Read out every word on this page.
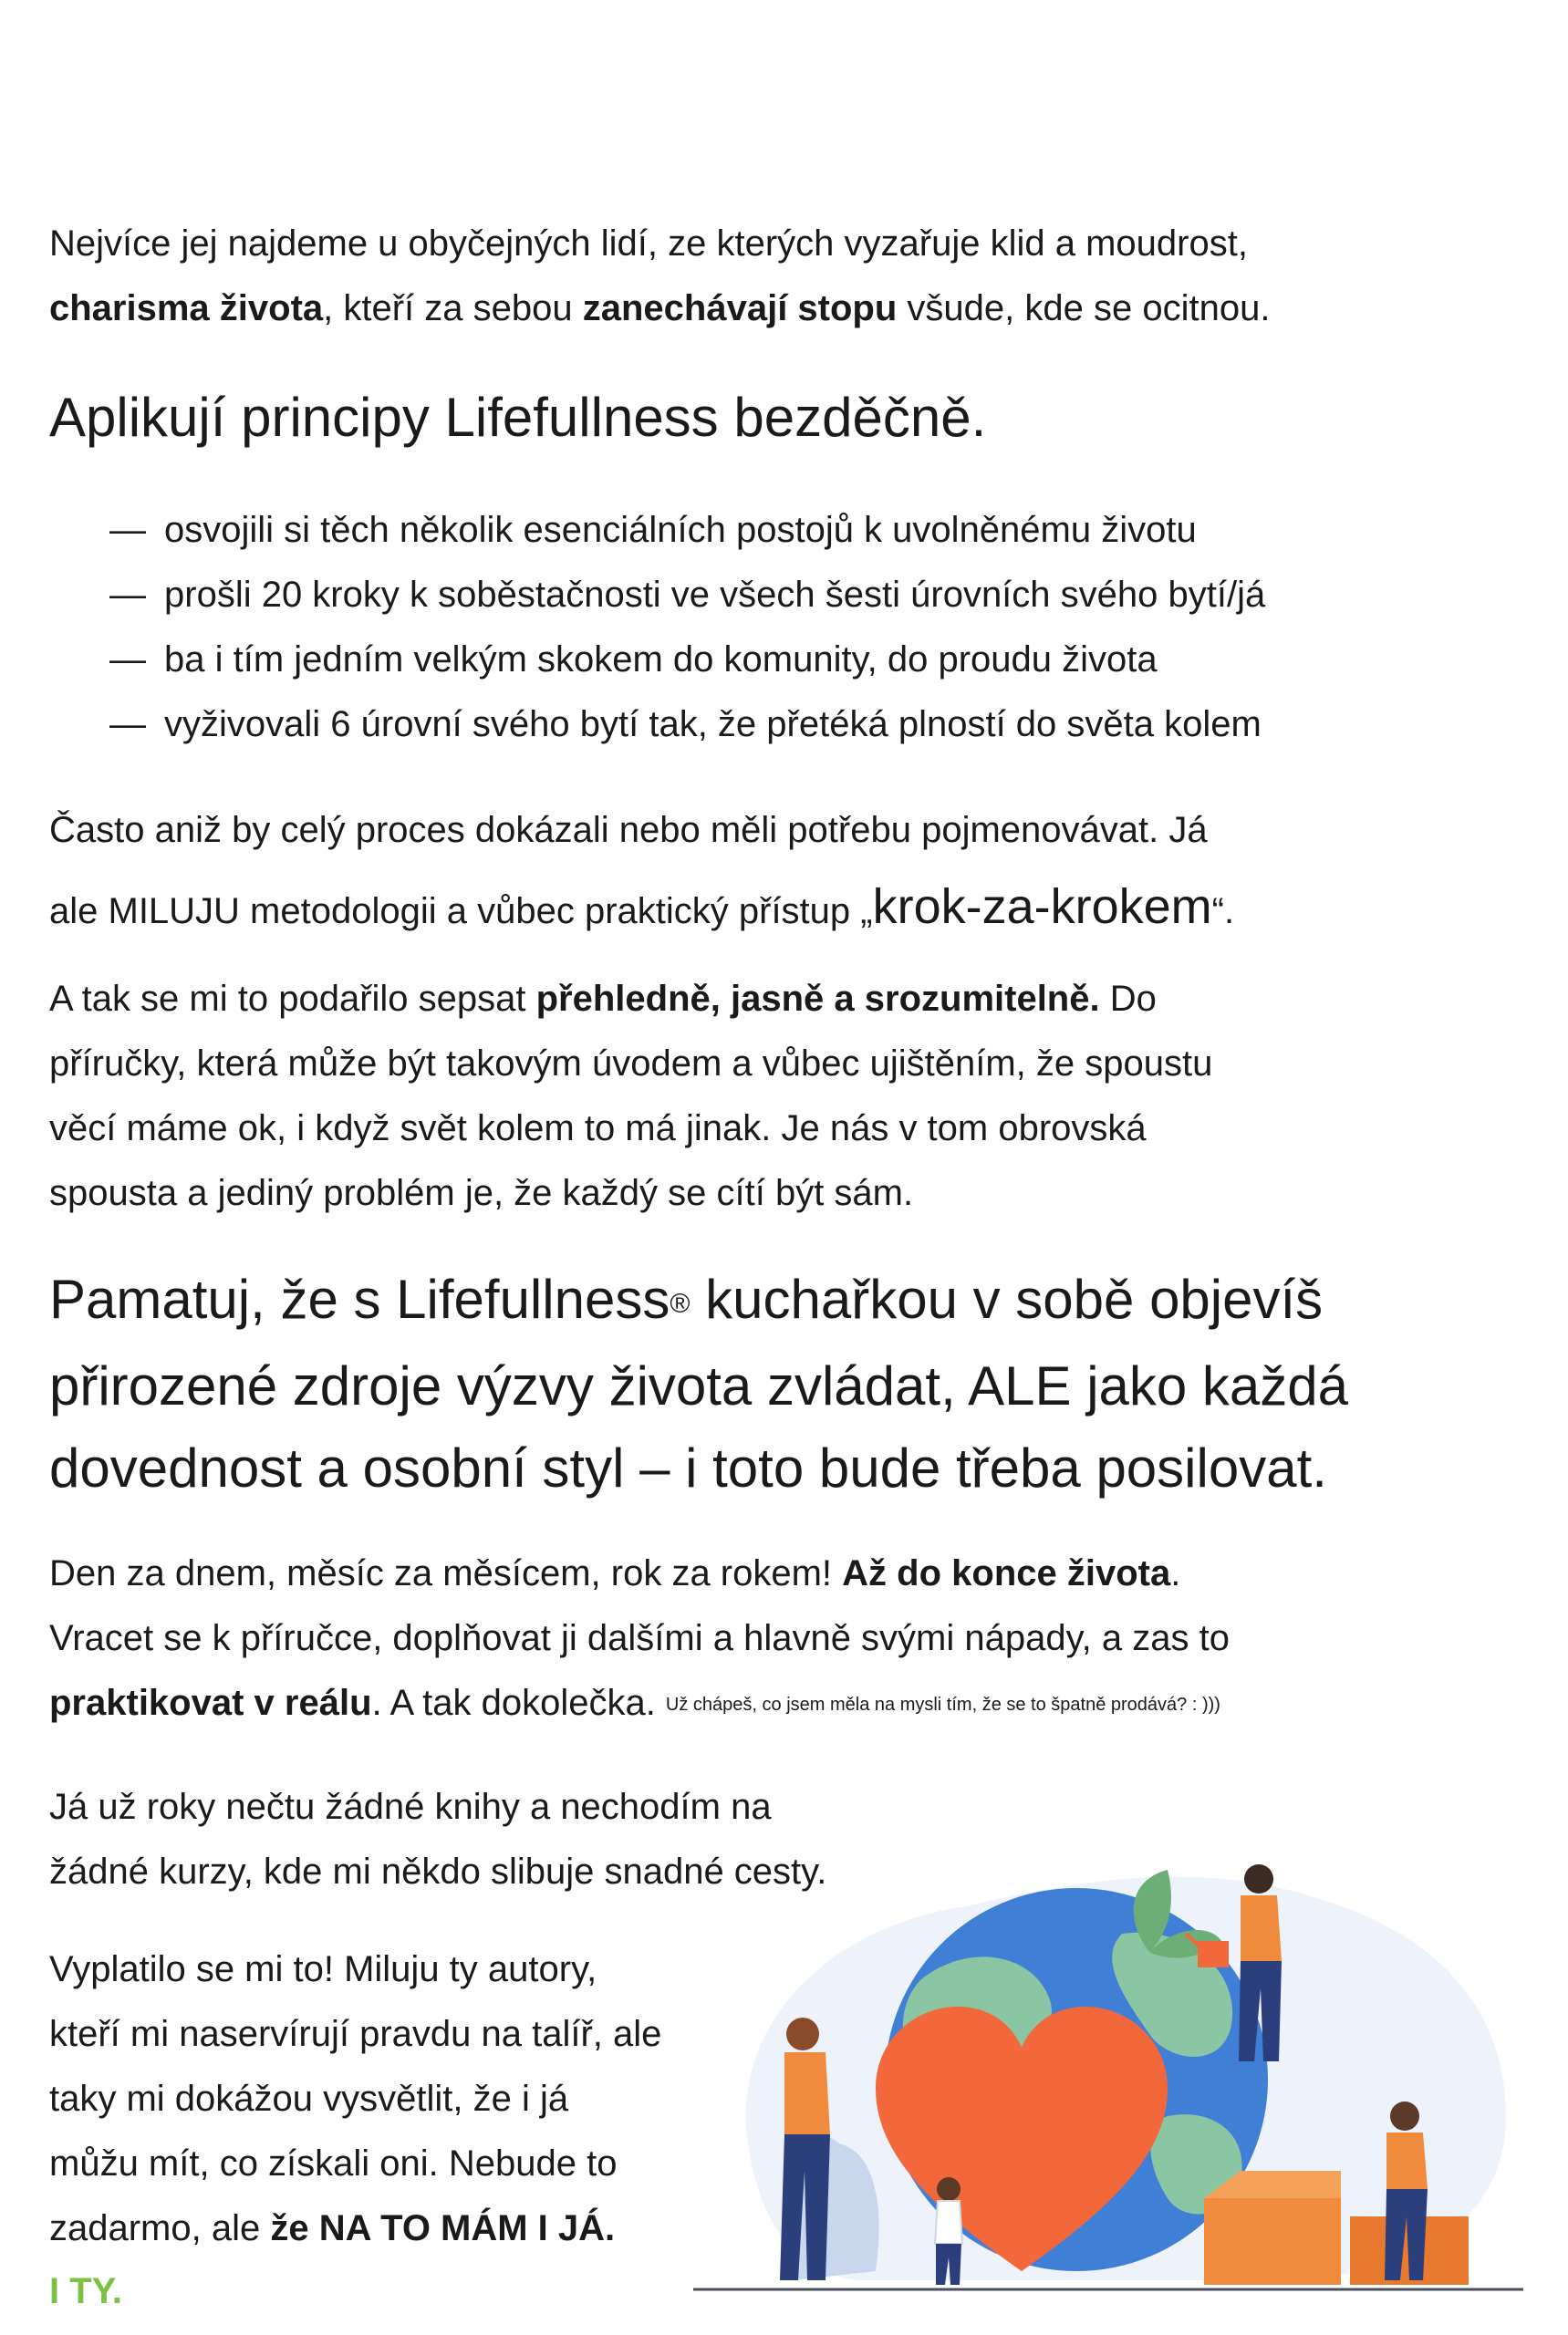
Nejvíce jej najdeme u obyčejných lidí, ze kterých vyzařuje klid a moudrost,
charisma života, kteří za sebou zanechávají stopu všude, kde se ocitnou.

Aplikují principy Lifefullness bezděčně.
— osvojili si těch několik esenciálních postojů k uvolněnému životu
— prošli 20 kroky k soběstačnosti ve všech šesti úrovních svého bytí/já
— ba i tím jedním velkým skokem do komunity, do proudu života
— vyživovali 6 úrovní svého bytí tak, že přetéká plností do světa kolem

Často aniž by celý proces dokázali nebo měli potřebu pojmenovávat. Já
ale MILUJU metodologii a vůbec praktický přístup „krok-za-krokem“.

A tak se mi to podařilo sepsat přehledně, jasně a srozumitelně. Do
příručky, která může být takovým úvodem a vůbec ujištěním, že spoustu
věcí máme ok, i když svět kolem to má jinak. Je nás v tom obrovská
spousta a jediný problém je, že každý se cítí být sám.

Pamatuj, že s Lifefullness® kuchařkou v sobě objevíš
přirozené zdroje výzvy života zvládat, ALE jako každá
dovednost a osobní styl – i toto bude třeba posilovat.

Den za dnem, měsíc za měsícem, rok za rokem! Až do konce života.
Vracet se k příručce, doplňovat ji dalšími a hlavně svými nápady, a zas to
praktikovat v reálu. A tak dokolečka. Už chápeš, co jsem měla na mysli tím, že se to špatně prodává? : )))

Já už roky nečtu žádné knihy a nechodím na
žádné kurzy, kde mi někdo slibuje snadné cesty.

Vyplatilo se mi to! Miluju ty autory,
kteří mi naservírují pravdu na talíř, ale
taky mi dokážou vysvětlit, že i já
můžu mít, co získali oni. Nebude to
zadarmo, ale že NA TO MÁM I JÁ.

I TY.
